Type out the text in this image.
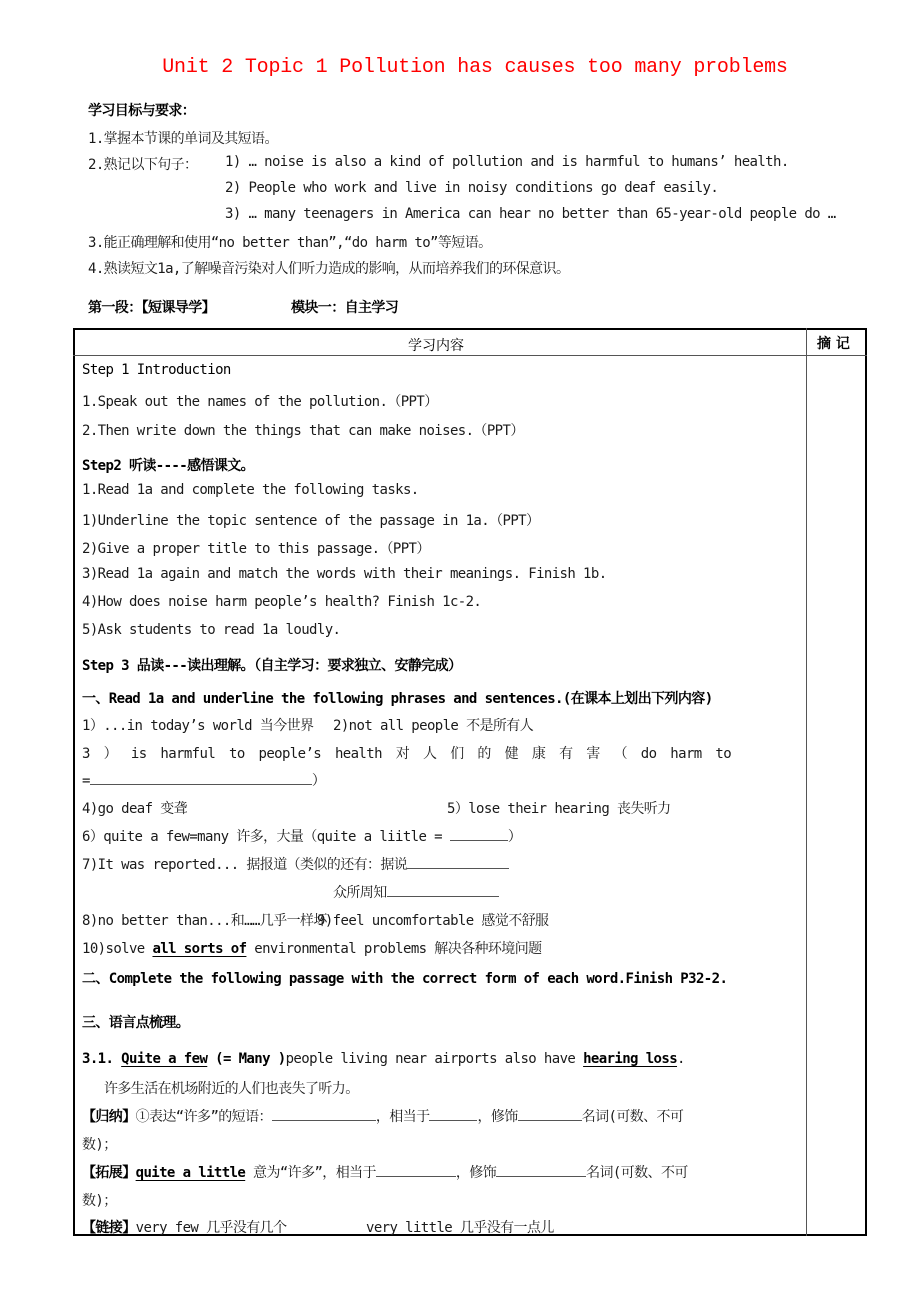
Unit 2 Topic 1 Pollution has causes too many problems
学习目标与要求：
1.掌握本节课的单词及其短语。
2.熟记以下句子： 1) … noise is also a kind of pollution and is harmful to humans’ health.
2) People who work and live in noisy conditions go deaf easily.
3) … many teenagers in America can hear no better than 65-year-old people do …
3.能正确理解和使用“no better than”,“do harm to”等短语。
4.熟读短文1a,了解噪音污染对人们听力造成的影响，从而培养我们的环保意识。
第一段：【短课导学】	模块一：自主学习
学习内容	摘 记
Step 1 Introduction
1.Speak out the names of the pollution.（PPT）
2.Then write down the things that can make noises.（PPT）
Step2 听读----感悟课文。
1.Read 1a and complete the following tasks.
1)Underline the topic sentence of the passage in 1a.（PPT）
2)Give a proper title to this passage.（PPT）
3)Read 1a again and match the words with their meanings. Finish 1b.
4)How does noise harm people’s health? Finish 1c-2.
5)Ask students to read 1a loudly.
Step 3 品读---读出理解。（自主学习：要求独立、安静完成）
一、Read 1a and underline the following phrases and sentences.(在课本上划出下列内容)
1）...in today’s world 当今世界 2)not all people 不是所有人
3 ） is harmful to people’s health 对 人 们 的 健 康 有 害 （ do harm to
=	）
4)go deaf 变聋	5）lose their hearing 丧失听力
6）quite a few=many 许多，大量（quite a liitle =	）
7)It was reported... 据报道（类似的还有：据说
众所周知
8)no better than...和……几乎一样坏
9)feel uncomfortable 感觉不舒服
10)solve all sorts of environmental problems 解决各种环境问题
二、Complete the following passage with the correct form of each word.Finish P32-2.
三、语言点梳理。
3.1. Quite a few (= Many )people living near airports also have hearing loss.
许多生活在机场附近的人们也丧失了听力。
【归纳】①表达“许多”的短语：	，相当于	，修饰	名词(可数、不可
数)；
【拓展】quite a little 意为“许多”，相当于	，修饰	名词(可数、不可
数)；
【链接】very few 几乎没有几个	very little 几乎没有一点儿
